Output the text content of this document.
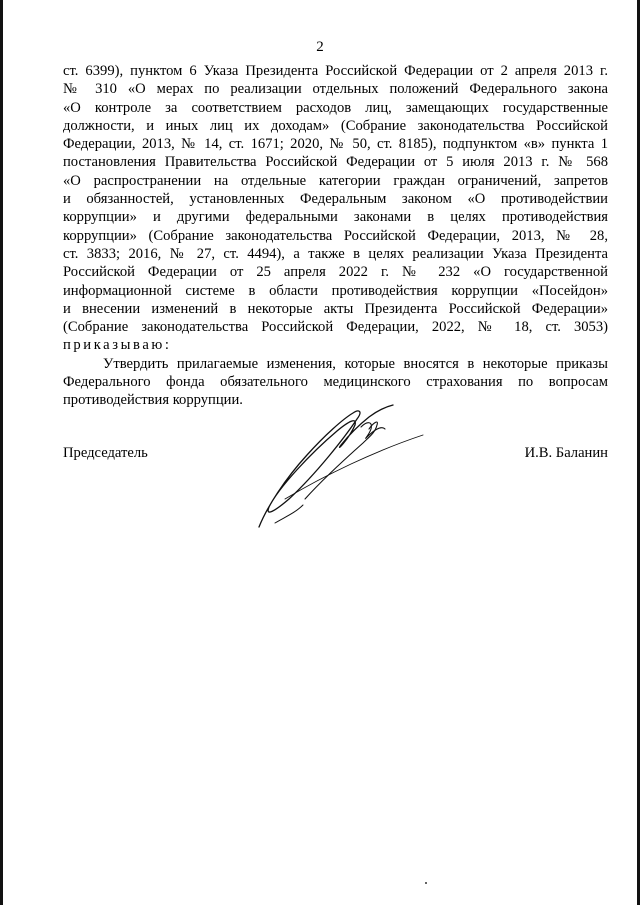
2
ст. 6399), пунктом 6 Указа Президента Российской Федерации от 2 апреля 2013 г.
№ 310 «О мерах по реализации отдельных положений Федерального закона
«О контроле за соответствием расходов лиц, замещающих государственные
должности, и иных лиц их доходам» (Собрание законодательства Российской
Федерации, 2013, № 14, ст. 1671; 2020, № 50, ст. 8185), подпунктом «в» пункта 1
постановления Правительства Российской Федерации от 5 июля 2013 г. № 568
«О распространении на отдельные категории граждан ограничений, запретов
и обязанностей, установленных Федеральным законом «О противодействии
коррупции» и другими федеральными законами в целях противодействия
коррупции» (Собрание законодательства Российской Федерации, 2013, № 28,
ст. 3833; 2016, № 27, ст. 4494), а также в целях реализации Указа Президента
Российской Федерации от 25 апреля 2022 г. № 232 «О государственной
информационной системе в области противодействия коррупции «Посейдон»
и внесении изменений в некоторые акты Президента Российской Федерации»
(Собрание законодательства Российской Федерации, 2022, № 18, ст. 3053)
приказываю:
Утвердить прилагаемые изменения, которые вносятся в некоторые приказы
Федерального фонда обязательного медицинского страхования по вопросам
противодействия коррупции.
Председатель	И.В. Баланин
